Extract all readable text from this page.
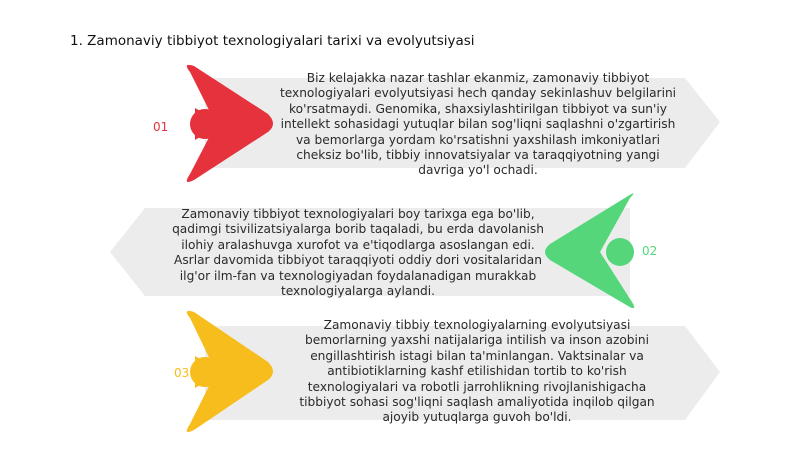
1. Zamonaviy tibbiyot texnologiyalari tarixi va evolyutsiyasi
01
Biz kelajakka nazar tashlar ekanmiz, zamonaviy tibbiyot
texnologiyalari evolyutsiyasi hech qanday sekinlashuv belgilarini
ko'rsatmaydi. Genomika, shaxsiylashtirilgan tibbiyot va sun'iy
intellekt sohasidagi yutuqlar bilan sog'liqni saqlashni o'zgartirish
va bemorlarga yordam ko'rsatishni yaxshilash imkoniyatlari
cheksiz bo'lib, tibbiy innovatsiyalar va taraqqiyotning yangi
davriga yo'l ochadi.
02
Zamonaviy tibbiyot texnologiyalari boy tarixga ega bo'lib,
qadimgi tsivilizatsiyalarga borib taqaladi, bu erda davolanish
ilohiy aralashuvga xurofot va e'tiqodlarga asoslangan edi.
Asrlar davomida tibbiyot taraqqiyoti oddiy dori vositalaridan
ilg'or ilm-fan va texnologiyadan foydalanadigan murakkab
texnologiyalarga aylandi.
03
Zamonaviy tibbiy texnologiyalarning evolyutsiyasi
bemorlarning yaxshi natijalariga intilish va inson azobini
engillashtirish istagi bilan ta'minlangan. Vaktsinalar va
antibiotiklarning kashf etilishidan tortib to ko'rish
texnologiyalari va robotli jarrohlikning rivojlanishigacha
tibbiyot sohasi sog'liqni saqlash amaliyotida inqilob qilgan
ajoyib yutuqlarga guvoh bo'ldi.
